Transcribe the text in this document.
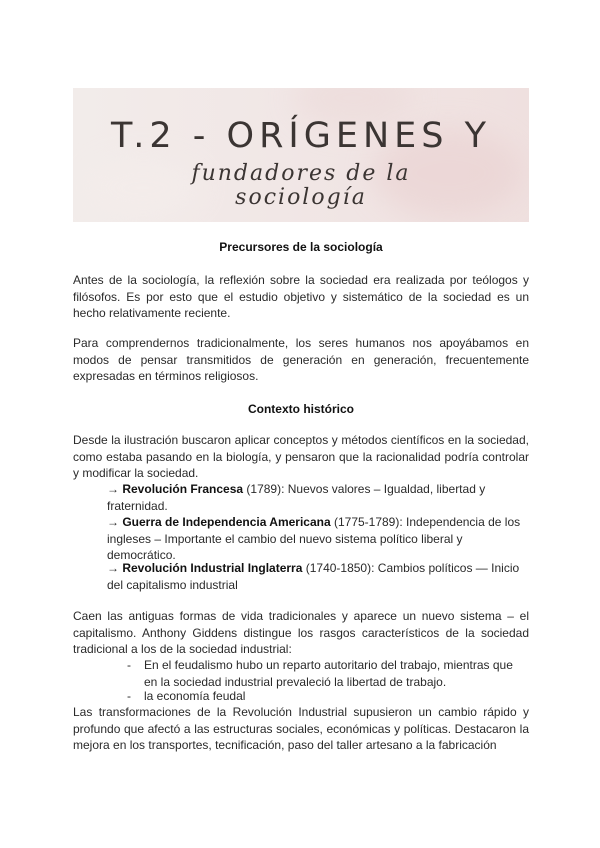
T.2 - ORÍGENES Y
fundadores de la
sociología
Precursores de la sociología
Antes de la sociología, la reflexión sobre la sociedad era realizada por teólogos y filósofos. Es por esto que el estudio objetivo y sistemático de la sociedad es un hecho relativamente reciente.
Para comprendernos tradicionalmente, los seres humanos nos apoyábamos en modos de pensar transmitidos de generación en generación, frecuentemente expresadas en términos religiosos.
Contexto histórico
Desde la ilustración buscaron aplicar conceptos y métodos científicos en la sociedad, como estaba pasando en la biología, y pensaron que la racionalidad podría controlar y modificar la sociedad.
→ Revolución Francesa (1789): Nuevos valores – Igualdad, libertad y fraternidad.
→ Guerra de Independencia Americana (1775-1789): Independencia de los ingleses – Importante el cambio del nuevo sistema político liberal y democrático.
→ Revolución Industrial Inglaterra (1740-1850): Cambios políticos — Inicio del capitalismo industrial
Caen las antiguas formas de vida tradicionales y aparece un nuevo sistema – el capitalismo. Anthony Giddens distingue los rasgos característicos de la sociedad tradicional a los de la sociedad industrial:
- En el feudalismo hubo un reparto autoritario del trabajo, mientras que en la sociedad industrial prevaleció la libertad de trabajo.
- la economía feudal
Las transformaciones de la Revolución Industrial supusieron un cambio rápido y profundo que afectó a las estructuras sociales, económicas y políticas. Destacaron la mejora en los transportes, tecnificación, paso del taller artesano a la fabricación
